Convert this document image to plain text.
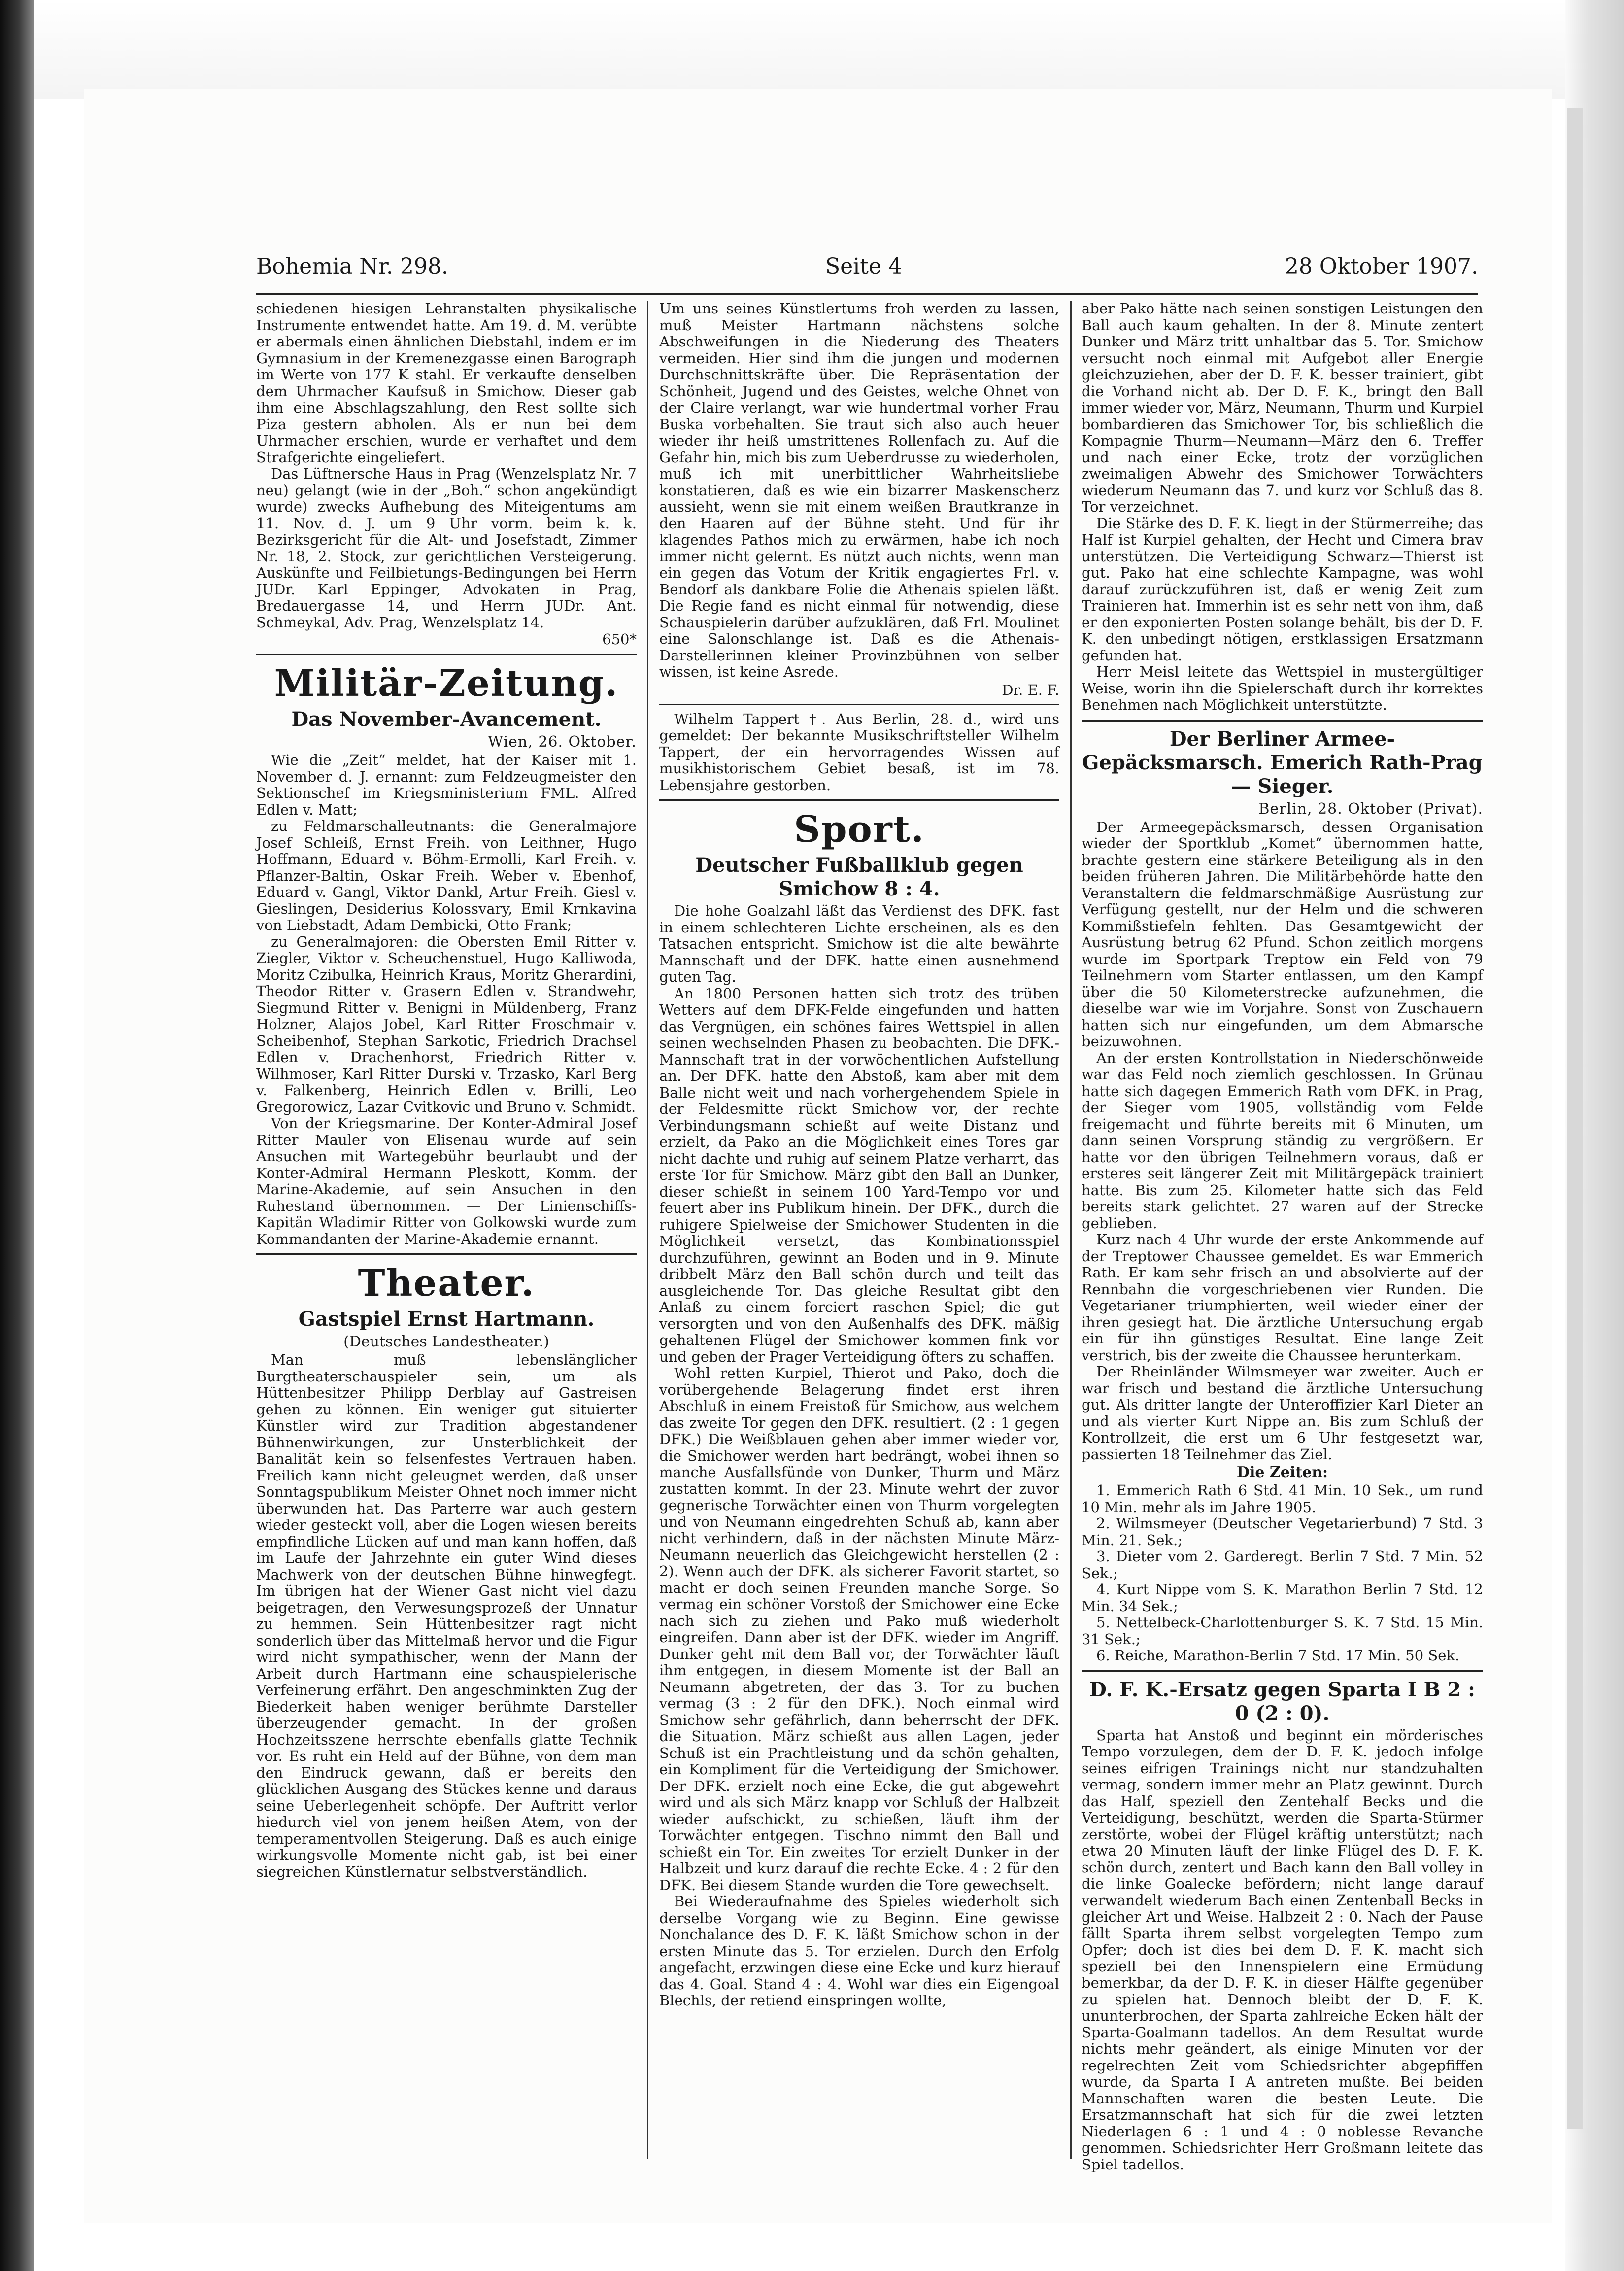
Bohemia Nr. 298.	Seite 4	28 Oktober 1907.

schiedenen hiesigen Lehranstalten physikalische Instrumente entwendet hatte. Am 19. d. M. verübte er abermals einen ähnlichen Diebstahl, indem er im Gymnasium in der Kremenezgasse einen Barograph im Werte von 177 K stahl. Er verkaufte denselben dem Uhrmacher Kaufsuß in Smichow. Dieser gab ihm eine Abschlagszahlung, den Rest sollte sich Piza gestern abholen. Als er nun bei dem Uhrmacher erschien, wurde er verhaftet und dem Strafgerichte eingeliefert.

Das Lüftnersche Haus in Prag (Wenzelsplatz Nr. 7 neu) gelangt (wie in der „Boh.“ schon angekündigt wurde) zwecks Aufhebung des Miteigentums am 11. Nov. d. J. um 9 Uhr vorm. beim k. k. Bezirksgericht für die Alt- und Josefstadt, Zimmer Nr. 18, 2. Stock, zur gerichtlichen Versteigerung. Auskünfte und Feilbietungs-Bedingungen bei Herrn JUDr. Karl Eppinger, Advokaten in Prag, Bredauergasse 14, und Herrn JUDr. Ant. Schmeykal, Adv. Prag, Wenzelsplatz 14.

650*

Militär-Zeitung.
Das November-Avancement.
Wien, 26. Oktober.

Wie die „Zeit“ meldet, hat der Kaiser mit 1. November d. J. ernannt: zum Feldzeugmeister den Sektionschef im Kriegsministerium FML. Alfred Edlen v. Matt;

zu Feldmarschalleutnants: die Generalmajore Josef Schleiß, Ernst Freih. von Leithner, Hugo Hoffmann, Eduard v. Böhm-Ermolli, Karl Freih. v. Pflanzer-Baltin, Oskar Freih. Weber v. Ebenhof, Eduard v. Gangl, Viktor Dankl, Artur Freih. Giesl v. Gieslingen, Desiderius Kolossvary, Emil Krnkavina von Liebstadt, Adam Dembicki, Otto Frank;

zu Generalmajoren: die Obersten Emil Ritter v. Ziegler, Viktor v. Scheuchenstuel, Hugo Kalliwoda, Moritz Czibulka, Heinrich Kraus, Moritz Gherardini, Theodor Ritter v. Grasern Edlen v. Strandwehr, Siegmund Ritter v. Benigni in Müldenberg, Franz Holzner, Alajos Jobel, Karl Ritter Froschmair v. Scheibenhof, Stephan Sarkotic, Friedrich Drachsel Edlen v. Drachenhorst, Friedrich Ritter v. Wilhmoser, Karl Ritter Durski v. Trzasko, Karl Berg v. Falkenberg, Heinrich Edlen v. Brilli, Leo Gregorowicz, Lazar Cvitkovic und Bruno v. Schmidt.

Von der Kriegsmarine. Der Konter-Admiral Josef Ritter Mauler von Elisenau wurde auf sein Ansuchen mit Wartegebühr beurlaubt und der Konter-Admiral Hermann Pleskott, Komm. der Marine-Akademie, auf sein Ansuchen in den Ruhestand übernommen. — Der Linienschiffs-Kapitän Wladimir Ritter von Golkowski wurde zum Kommandanten der Marine-Akademie ernannt.

Theater.
Gastspiel Ernst Hartmann.
(Deutsches Landestheater.)

Man muß lebenslänglicher Burgtheaterschauspieler sein, um als Hüttenbesitzer Philipp Derblay auf Gastreisen gehen zu können. Ein weniger gut situierter Künstler wird zur Tradition abgestandener Bühnenwirkungen, zur Unsterblichkeit der Banalität kein so felsenfestes Vertrauen haben. Freilich kann nicht geleugnet werden, daß unser Sonntagspublikum Meister Ohnet noch immer nicht überwunden hat. Das Parterre war auch gestern wieder gesteckt voll, aber die Logen wiesen bereits empfindliche Lücken auf und man kann hoffen, daß im Laufe der Jahrzehnte ein guter Wind dieses Machwerk von der deutschen Bühne hinwegfegt. Im übrigen hat der Wiener Gast nicht viel dazu beigetragen, den Verwesungsprozeß der Unnatur zu hemmen. Sein Hüttenbesitzer ragt nicht sonderlich über das Mittelmaß hervor und die Figur wird nicht sympathischer, wenn der Mann der Arbeit durch Hartmann eine schauspielerische Verfeinerung erfährt. Den angeschminkten Zug der Biederkeit haben weniger berühmte Darsteller überzeugender gemacht. In der großen Hochzeitsszene herrschte ebenfalls glatte Technik vor. Es ruht ein Held auf der Bühne, von dem man den Eindruck gewann, daß er bereits den glücklichen Ausgang des Stückes kenne und daraus seine Ueberlegenheit schöpfe. Der Auftritt verlor hiedurch viel von jenem heißen Atem, von der temperamentvollen Steigerung. Daß es auch einige wirkungsvolle Momente nicht gab, ist bei einer siegreichen Künstlernatur selbstverständlich.

Um uns seines Künstlertums froh werden zu lassen, muß Meister Hartmann nächstens solche Abschweifungen in die Niederung des Theaters vermeiden. Hier sind ihm die jungen und modernen Durchschnittskräfte über. Die Repräsentation der Schönheit, Jugend und des Geistes, welche Ohnet von der Claire verlangt, war wie hundertmal vorher Frau Buska vorbehalten. Sie traut sich also auch heuer wieder ihr heiß umstrittenes Rollenfach zu. Auf die Gefahr hin, mich bis zum Ueberdrusse zu wiederholen, muß ich mit unerbittlicher Wahrheitsliebe konstatieren, daß es wie ein bizarrer Maskenscherz aussieht, wenn sie mit einem weißen Brautkranze in den Haaren auf der Bühne steht. Und für ihr klagendes Pathos mich zu erwärmen, habe ich noch immer nicht gelernt. Es nützt auch nichts, wenn man ein gegen das Votum der Kritik engagiertes Frl. v. Bendorf als dankbare Folie die Athenais spielen läßt. Die Regie fand es nicht einmal für notwendig, diese Schauspielerin darüber aufzuklären, daß Frl. Moulinet eine Salonschlange ist. Daß es die Athenais-Darstellerinnen kleiner Provinzbühnen von selber wissen, ist keine Asrede.

Dr. E. F.

Wilhelm Tappert †. Aus Berlin, 28. d., wird uns gemeldet: Der bekannte Musikschriftsteller Wilhelm Tappert, der ein hervorragendes Wissen auf musikhistorischem Gebiet besaß, ist im 78. Lebensjahre gestorben.

Sport.
Deutscher Fußballklub gegen Smichow 8 : 4.

Die hohe Goalzahl läßt das Verdienst des DFK. fast in einem schlechteren Lichte erscheinen, als es den Tatsachen entspricht. Smichow ist die alte bewährte Mannschaft und der DFK. hatte einen ausnehmend guten Tag.

An 1800 Personen hatten sich trotz des trüben Wetters auf dem DFK-Felde eingefunden und hatten das Vergnügen, ein schönes faires Wettspiel in allen seinen wechselnden Phasen zu beobachten. Die DFK.-Mannschaft trat in der vorwöchentlichen Aufstellung an. Der DFK. hatte den Abstoß, kam aber mit dem Balle nicht weit und nach vorhergehendem Spiele in der Feldesmitte rückt Smichow vor, der rechte Verbindungsmann schießt auf weite Distanz und erzielt, da Pako an die Möglichkeit eines Tores gar nicht dachte und ruhig auf seinem Platze verharrt, das erste Tor für Smichow. März gibt den Ball an Dunker, dieser schießt in seinem 100 Yard-Tempo vor und feuert aber ins Publikum hinein. Der DFK., durch die ruhigere Spielweise der Smichower Studenten in die Möglichkeit versetzt, das Kombinationsspiel durchzuführen, gewinnt an Boden und in 9. Minute dribbelt März den Ball schön durch und teilt das ausgleichende Tor. Das gleiche Resultat gibt den Anlaß zu einem forciert raschen Spiel; die gut versorgten und von den Außenhalfs des DFK. mäßig gehaltenen Flügel der Smichower kommen fink vor und geben der Prager Verteidigung öfters zu schaffen.

Wohl retten Kurpiel, Thierot und Pako, doch die vorübergehende Belagerung findet erst ihren Abschluß in einem Freistoß für Smichow, aus welchem das zweite Tor gegen den DFK. resultiert. (2 : 1 gegen DFK.) Die Weißblauen gehen aber immer wieder vor, die Smichower werden hart bedrängt, wobei ihnen so manche Ausfallsfünde von Dunker, Thurm und März zustatten kommt. In der 23. Minute wehrt der zuvor gegnerische Torwächter einen von Thurm vorgelegten und von Neumann eingedrehten Schuß ab, kann aber nicht verhindern, daß in der nächsten Minute März-Neumann neuerlich das Gleichgewicht herstellen (2 : 2). Wenn auch der DFK. als sicherer Favorit startet, so macht er doch seinen Freunden manche Sorge. So vermag ein schöner Vorstoß der Smichower eine Ecke nach sich zu ziehen und Pako muß wiederholt eingreifen. Dann aber ist der DFK. wieder im Angriff. Dunker geht mit dem Ball vor, der Torwächter läuft ihm entgegen, in diesem Momente ist der Ball an Neumann abgetreten, der das 3. Tor zu buchen vermag (3 : 2 für den DFK.). Noch einmal wird Smichow sehr gefährlich, dann beherrscht der DFK. die Situation. März schießt aus allen Lagen, jeder Schuß ist ein Prachtleistung und da schön gehalten, ein Kompliment für die Verteidigung der Smichower. Der DFK. erzielt noch eine Ecke, die gut abgewehrt wird und als sich März knapp vor Schluß der Halbzeit wieder aufschickt, zu schießen, läuft ihm der Torwächter entgegen. Tischno nimmt den Ball und schießt ein Tor. Ein zweites Tor erzielt Dunker in der Halbzeit und kurz darauf die rechte Ecke. 4 : 2 für den DFK. Bei diesem Stande wurden die Tore gewechselt.

Bei Wiederaufnahme des Spieles wiederholt sich derselbe Vorgang wie zu Beginn. Eine gewisse Nonchalance des D. F. K. läßt Smichow schon in der ersten Minute das 5. Tor erzielen. Durch den Erfolg angefacht, erzwingen diese eine Ecke und kurz hierauf das 4. Goal. Stand 4 : 4. Wohl war dies ein Eigengoal Blechls, der retiend einspringen wollte,

aber Pako hätte nach seinen sonstigen Leistungen den Ball auch kaum gehalten. In der 8. Minute zentert Dunker und März tritt unhaltbar das 5. Tor. Smichow versucht noch einmal mit Aufgebot aller Energie gleichzuziehen, aber der D. F. K. besser trainiert, gibt die Vorhand nicht ab. Der D. F. K., bringt den Ball immer wieder vor, März, Neumann, Thurm und Kurpiel bombardieren das Smichower Tor, bis schließlich die Kompagnie Thurm—Neumann—März den 6. Treffer und nach einer Ecke, trotz der vorzüglichen zweimaligen Abwehr des Smichower Torwächters wiederum Neumann das 7. und kurz vor Schluß das 8. Tor verzeichnet.

Die Stärke des D. F. K. liegt in der Stürmerreihe; das Half ist Kurpiel gehalten, der Hecht und Cimera brav unterstützen. Die Verteidigung Schwarz—Thierst ist gut. Pako hat eine schlechte Kampagne, was wohl darauf zurückzuführen ist, daß er wenig Zeit zum Trainieren hat. Immerhin ist es sehr nett von ihm, daß er den exponierten Posten solange behält, bis der D. F. K. den unbedingt nötigen, erstklassigen Ersatzmann gefunden hat.

Herr Meisl leitete das Wettspiel in mustergültiger Weise, worin ihn die Spielerschaft durch ihr korrektes Benehmen nach Möglichkeit unterstützte.

Der Berliner Armee-Gepäcksmarsch. Emerich Rath-Prag — Sieger.
Berlin, 28. Oktober (Privat).

Der Armeegepäcksmarsch, dessen Organisation wieder der Sportklub „Komet“ übernommen hatte, brachte gestern eine stärkere Beteiligung als in den beiden früheren Jahren. Die Militärbehörde hatte den Veranstaltern die feldmarschmäßige Ausrüstung zur Verfügung gestellt, nur der Helm und die schweren Kommißstiefeln fehlten. Das Gesamtgewicht der Ausrüstung betrug 62 Pfund. Schon zeitlich morgens wurde im Sportpark Treptow ein Feld von 79 Teilnehmern vom Starter entlassen, um den Kampf über die 50 Kilometerstrecke aufzunehmen, die dieselbe war wie im Vorjahre. Sonst von Zuschauern hatten sich nur eingefunden, um dem Abmarsche beizuwohnen.

An der ersten Kontrollstation in Niederschönweide war das Feld noch ziemlich geschlossen. In Grünau hatte sich dagegen Emmerich Rath vom DFK. in Prag, der Sieger vom 1905, vollständig vom Felde freigemacht und führte bereits mit 6 Minuten, um dann seinen Vorsprung ständig zu vergrößern. Er hatte vor den übrigen Teilnehmern voraus, daß er ersteres seit längerer Zeit mit Militärgepäck trainiert hatte. Bis zum 25. Kilometer hatte sich das Feld bereits stark gelichtet. 27 waren auf der Strecke geblieben.

Kurz nach 4 Uhr wurde der erste Ankommende auf der Treptower Chaussee gemeldet. Es war Emmerich Rath. Er kam sehr frisch an und absolvierte auf der Rennbahn die vorgeschriebenen vier Runden. Die Vegetarianer triumphierten, weil wieder einer der ihren gesiegt hat. Die ärztliche Untersuchung ergab ein für ihn günstiges Resultat. Eine lange Zeit verstrich, bis der zweite die Chaussee herunterkam.

Der Rheinländer Wilmsmeyer war zweiter. Auch er war frisch und bestand die ärztliche Untersuchung gut. Als dritter langte der Unteroffizier Karl Dieter an und als vierter Kurt Nippe an. Bis zum Schluß der Kontrollzeit, die erst um 6 Uhr festgesetzt war, passierten 18 Teilnehmer das Ziel.

Die Zeiten:

1. Emmerich Rath 6 Std. 41 Min. 10 Sek., um rund 10 Min. mehr als im Jahre 1905.

2. Wilmsmeyer (Deutscher Vegetarierbund) 7 Std. 3 Min. 21. Sek.;

3. Dieter vom 2. Garderegt. Berlin 7 Std. 7 Min. 52 Sek.;

4. Kurt Nippe vom S. K. Marathon Berlin 7 Std. 12 Min. 34 Sek.;

5. Nettelbeck-Charlottenburger S. K. 7 Std. 15 Min. 31 Sek.;

6. Reiche, Marathon-Berlin 7 Std. 17 Min. 50 Sek.

D. F. K.-Ersatz gegen Sparta I B 2 : 0 (2 : 0).

Sparta hat Anstoß und beginnt ein mörderisches Tempo vorzulegen, dem der D. F. K. jedoch infolge seines eifrigen Trainings nicht nur standzuhalten vermag, sondern immer mehr an Platz gewinnt. Durch das Half, speziell den Zentehalf Becks und die Verteidigung, beschützt, werden die Sparta-Stürmer zerstörte, wobei der Flügel kräftig unterstützt; nach etwa 20 Minuten läuft der linke Flügel des D. F. K. schön durch, zentert und Bach kann den Ball volley in die linke Goalecke befördern; nicht lange darauf verwandelt wiederum Bach einen Zentenball Becks in gleicher Art und Weise. Halbzeit 2 : 0. Nach der Pause fällt Sparta ihrem selbst vorgelegten Tempo zum Opfer; doch ist dies bei dem D. F. K. macht sich speziell bei den Innenspielern eine Ermüdung bemerkbar, da der D. F. K. in dieser Hälfte gegenüber zu spielen hat. Dennoch bleibt der D. F. K. ununterbrochen, der Sparta zahlreiche Ecken hält der Sparta-Goalmann tadellos. An dem Resultat wurde nichts mehr geändert, als einige Minuten vor der regelrechten Zeit vom Schiedsrichter abgepfiffen wurde, da Sparta I A antreten mußte. Bei beiden Mannschaften waren die besten Leute. Die Ersatzmannschaft hat sich für die zwei letzten Niederlagen 6 : 1 und 4 : 0 noblesse Revanche genommen. Schiedsrichter Herr Großmann leitete das Spiel tadellos.
